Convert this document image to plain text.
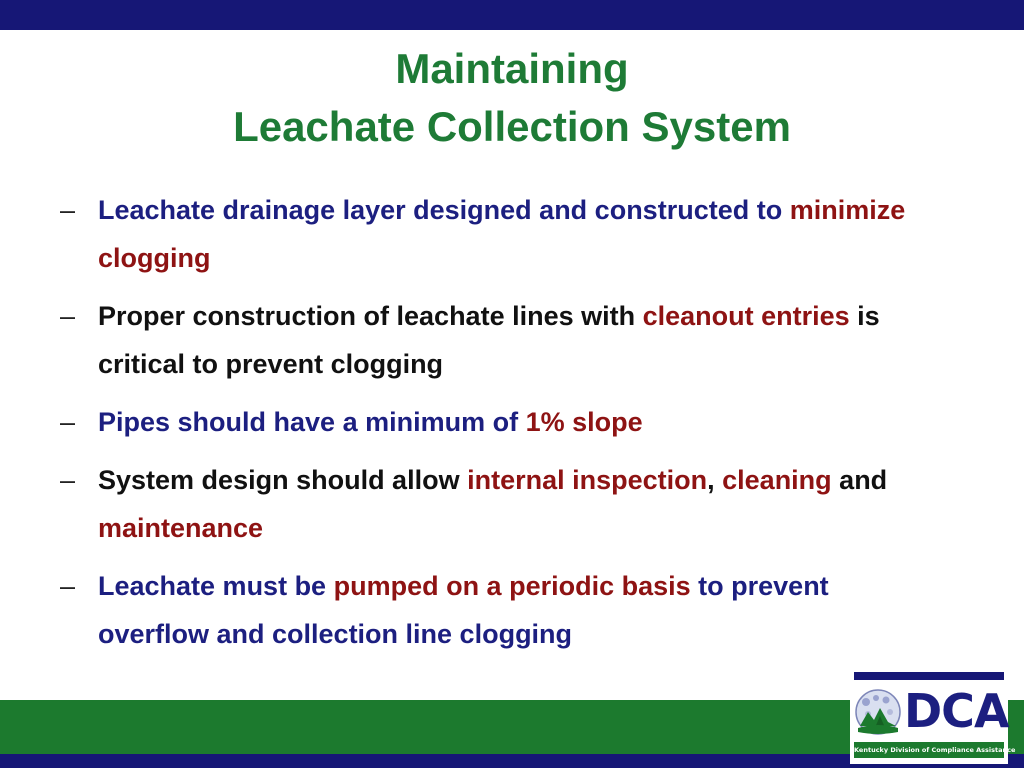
Maintaining
Leachate Collection System
– Leachate drainage layer designed and constructed to minimize clogging
– Proper construction of leachate lines with cleanout entries is critical to prevent clogging
– Pipes should have a minimum of 1% slope
– System design should allow internal inspection, cleaning and maintenance
– Leachate must be pumped on a periodic basis to prevent overflow and collection line clogging
DCA
Kentucky Division of Compliance Assistance
